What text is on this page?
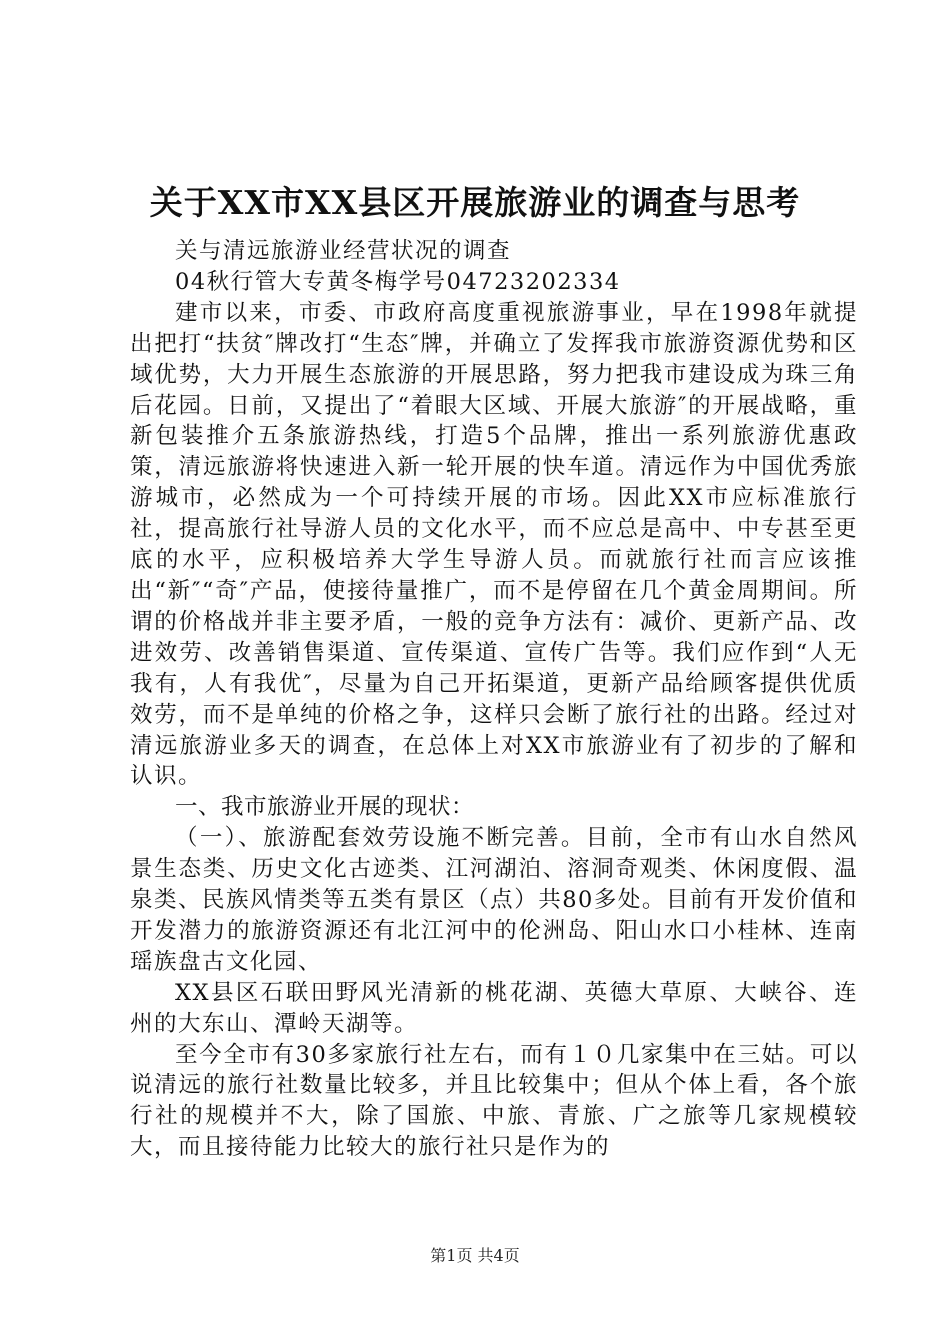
关于XX市XX县区开展旅游业的调查与思考

关与清远旅游业经营状况的调查

04秋行管大专黄冬梅学号04723202334

建市以来，市委、市政府高度重视旅游事业，早在1998年就提出把打“扶贫″牌改打“生态″牌，并确立了发挥我市旅游资源优势和区域优势，大力开展生态旅游的开展思路，努力把我市建设成为珠三角后花园。日前，又提出了“着眼大区域、开展大旅游″的开展战略，重新包装推介五条旅游热线，打造5个品牌，推出一系列旅游优惠政策，清远旅游将快速进入新一轮开展的快车道。清远作为中国优秀旅游城市，必然成为一个可持续开展的市场。因此XX市应标准旅行社，提高旅行社导游人员的文化水平，而不应总是高中、中专甚至更底的水平，应积极培养大学生导游人员。而就旅行社而言应该推出“新″“奇″产品，使接待量推广，而不是停留在几个黄金周期间。所谓的价格战并非主要矛盾，一般的竞争方法有：减价、更新产品、改进效劳、改善销售渠道、宣传渠道、宣传广告等。我们应作到“人无我有，人有我优″，尽量为自己开拓渠道，更新产品给顾客提供优质效劳，而不是单纯的价格之争，这样只会断了旅行社的出路。经过对清远旅游业多天的调查，在总体上对XX市旅游业有了初步的了解和认识。

一、我市旅游业开展的现状：

（一）、旅游配套效劳设施不断完善。目前，全市有山水自然风景生态类、历史文化古迹类、江河湖泊、溶洞奇观类、休闲度假、温泉类、民族风情类等五类有景区（点）共80多处。目前有开发价值和开发潜力的旅游资源还有北江河中的伦洲岛、阳山水口小桂林、连南瑶族盘古文化园、

XX县区石联田野风光清新的桃花湖、英德大草原、大峡谷、连州的大东山、潭岭天湖等。

至今全市有30多家旅行社左右，而有１０几家集中在三姑。可以说清远的旅行社数量比较多，并且比较集中；但从个体上看，各个旅行社的规模并不大，除了国旅、中旅、青旅、广之旅等几家规模较大，而且接待能力比较大的旅行社只是作为的

第1页 共4页
